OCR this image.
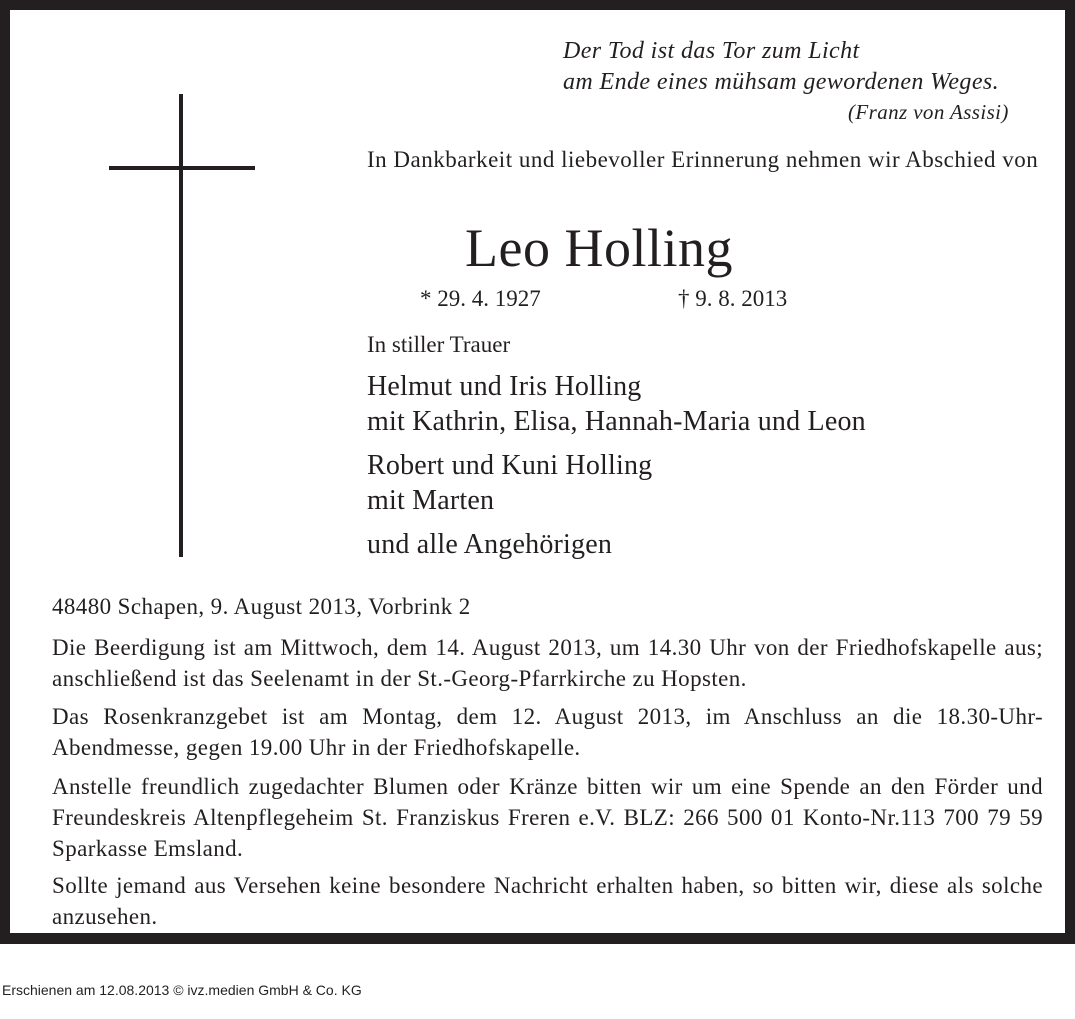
Der Tod ist das Tor zum Licht
am Ende eines mühsam gewordenen Weges.
(Franz von Assisi)
In Dankbarkeit und liebevoller Erinnerung nehmen wir Abschied von
Leo Holling
* 29. 4. 1927	† 9. 8. 2013
In stiller Trauer
Helmut und Iris Holling
mit Kathrin, Elisa, Hannah-Maria und Leon
Robert und Kuni Holling
mit Marten
und alle Angehörigen
48480 Schapen, 9. August 2013, Vorbrink 2
Die Beerdigung ist am Mittwoch, dem 14. August 2013, um 14.30 Uhr von der Friedhofskapelle aus; anschließend ist das Seelenamt in der St.-Georg-Pfarrkirche zu Hopsten.
Das Rosenkranzgebet ist am Montag, dem 12. August 2013, im Anschluss an die 18.30-Uhr-Abendmesse, gegen 19.00 Uhr in der Friedhofskapelle.
Anstelle freundlich zugedachter Blumen oder Kränze bitten wir um eine Spende an den Förder und Freundeskreis Altenpflegeheim St. Franziskus Freren e.V. BLZ: 266 500 01 Konto-Nr.113 700 79 59 Sparkasse Emsland.
Sollte jemand aus Versehen keine besondere Nachricht erhalten haben, so bitten wir, diese als solche anzusehen.
Erschienen am 12.08.2013 © ivz.medien GmbH & Co. KG
